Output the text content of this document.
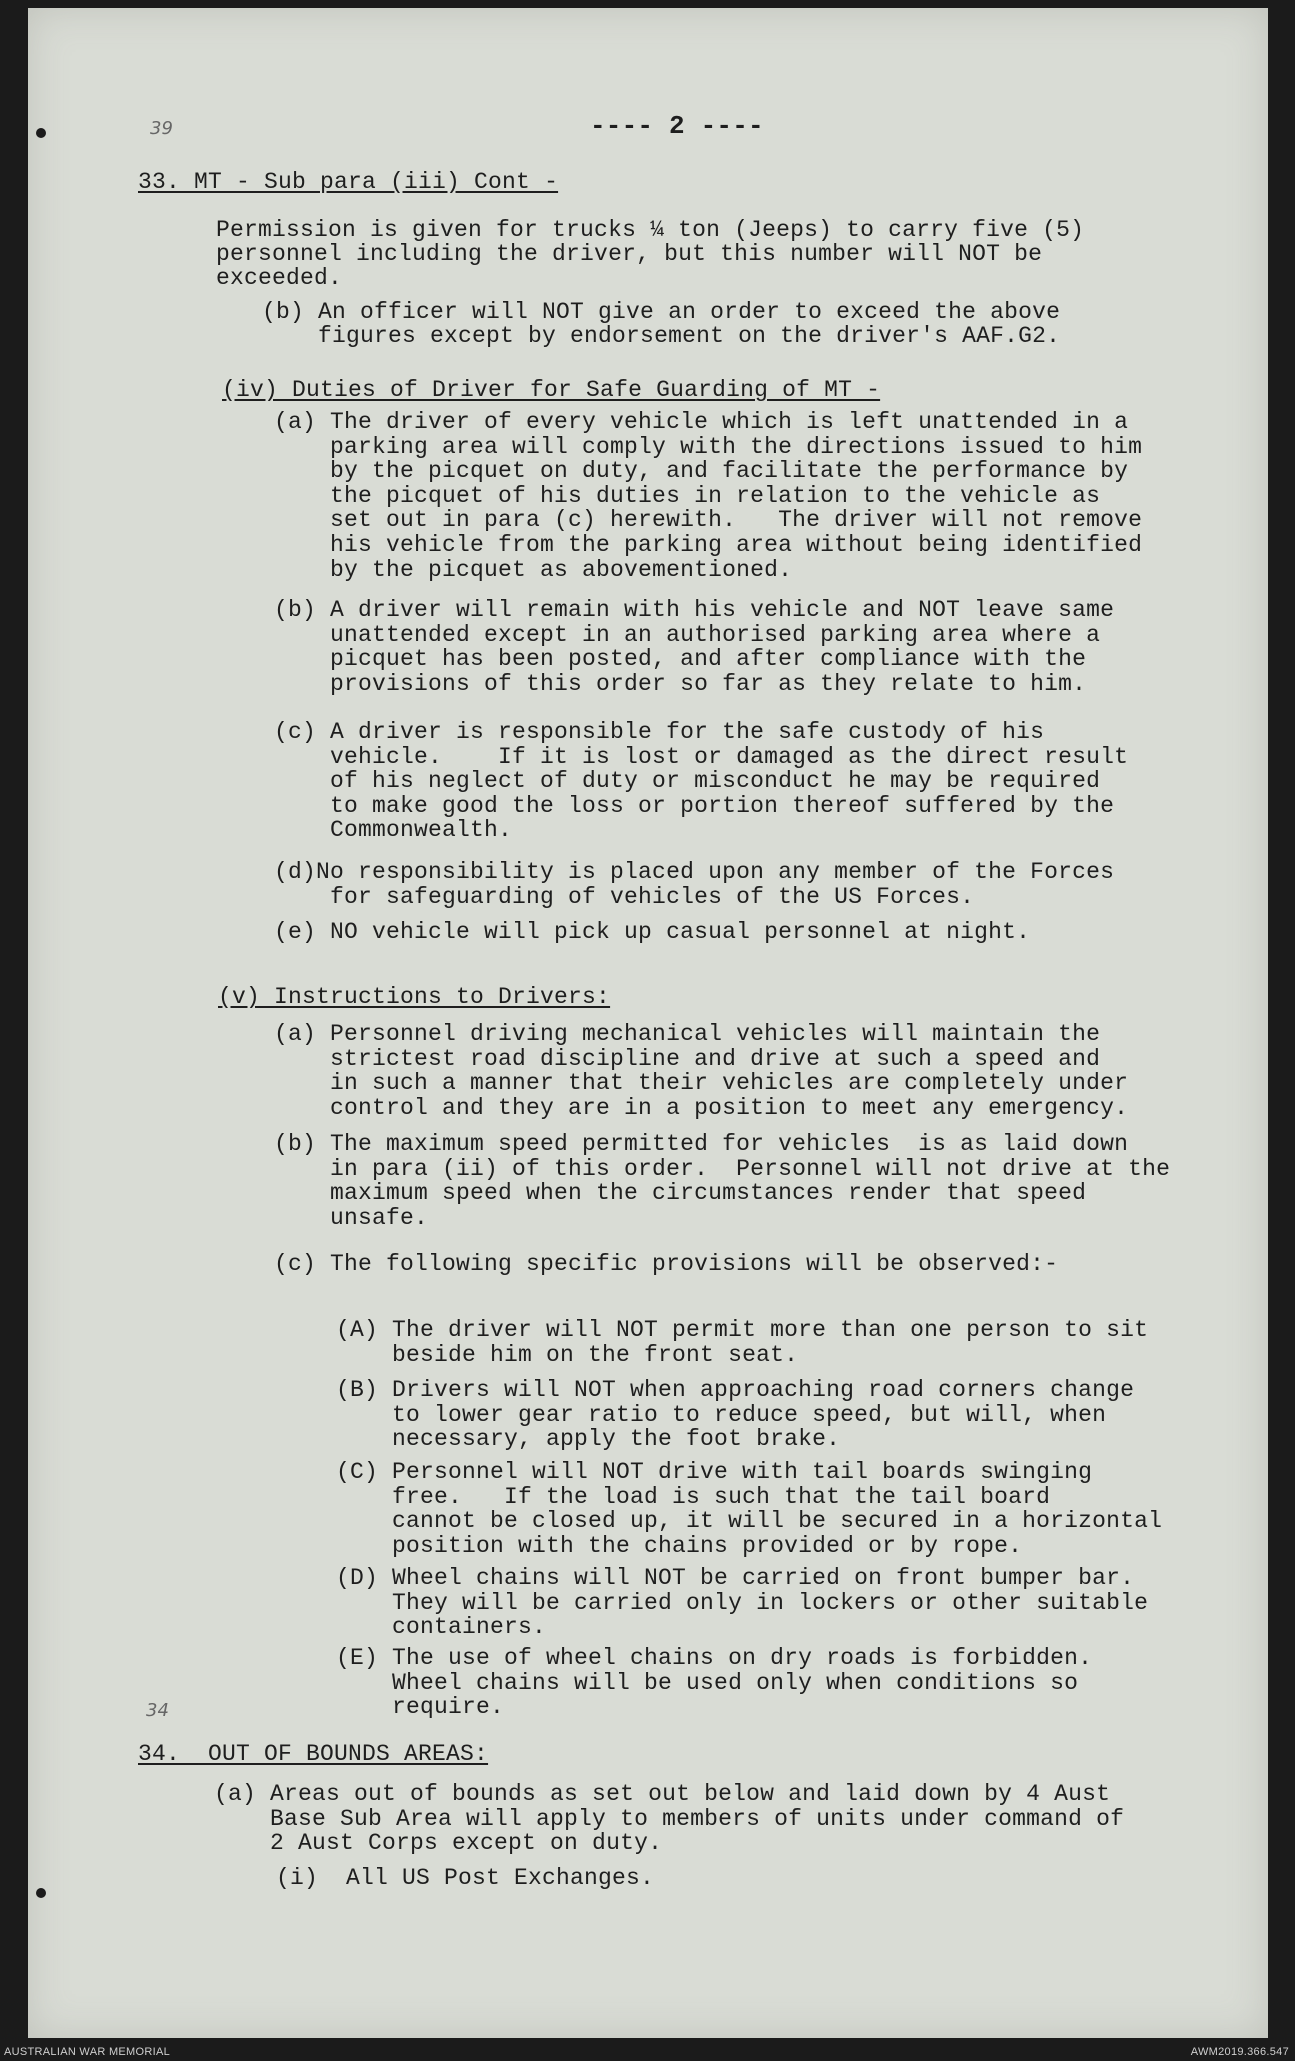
39	---- 2 ----
33. MT - Sub para (iii) Cont -
Permission is given for trucks ¼ ton (Jeeps) to carry five (5)
personnel including the driver, but this number will NOT be
exceeded.
(b) An officer will NOT give an order to exceed the above
figures except by endorsement on the driver's AAF.G2.
(iv) Duties of Driver for Safe Guarding of MT -
(a) The driver of every vehicle which is left unattended in a
parking area will comply with the directions issued to him
by the picquet on duty, and facilitate the performance by
the picquet of his duties in relation to the vehicle as
set out in para (c) herewith.   The driver will not remove
his vehicle from the parking area without being identified
by the picquet as abovementioned.
(b) A driver will remain with his vehicle and NOT leave same
unattended except in an authorised parking area where a
picquet has been posted, and after compliance with the
provisions of this order so far as they relate to him.
(c) A driver is responsible for the safe custody of his
vehicle.    If it is lost or damaged as the direct result
of his neglect of duty or misconduct he may be required
to make good the loss or portion thereof suffered by the
Commonwealth.
(d)No responsibility is placed upon any member of the Forces
for safeguarding of vehicles of the US Forces.
(e) NO vehicle will pick up casual personnel at night.
(v) Instructions to Drivers:
(a) Personnel driving mechanical vehicles will maintain the
strictest road discipline and drive at such a speed and
in such a manner that their vehicles are completely under
control and they are in a position to meet any emergency.
(b) The maximum speed permitted for vehicles  is as laid down
in para (ii) of this order.  Personnel will not drive at the
maximum speed when the circumstances render that speed
unsafe.
(c) The following specific provisions will be observed:-
(A) The driver will NOT permit more than one person to sit
beside him on the front seat.
(B) Drivers will NOT when approaching road corners change
to lower gear ratio to reduce speed, but will, when
necessary, apply the foot brake.
(C) Personnel will NOT drive with tail boards swinging
free.   If the load is such that the tail board
cannot be closed up, it will be secured in a horizontal
position with the chains provided or by rope.
(D) Wheel chains will NOT be carried on front bumper bar.
They will be carried only in lockers or other suitable
containers.
(E) The use of wheel chains on dry roads is forbidden.
Wheel chains will be used only when conditions so
require.
34
34.  OUT OF BOUNDS AREAS:
(a) Areas out of bounds as set out below and laid down by 4 Aust
Base Sub Area will apply to members of units under command of
2 Aust Corps except on duty.
(i)  All US Post Exchanges.
AUSTRALIAN WAR MEMORIAL	AWM2019.366.547
